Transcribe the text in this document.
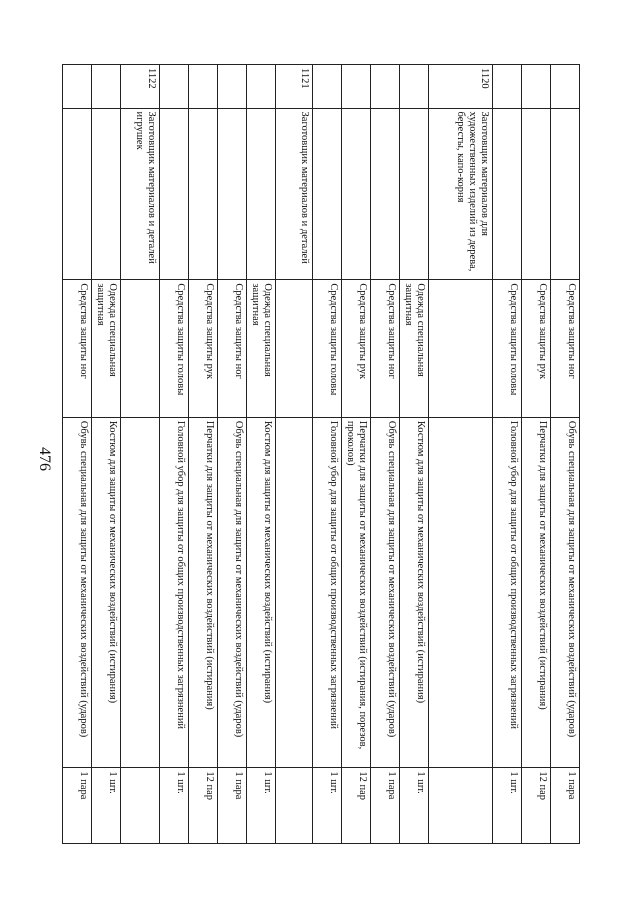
476
		Средства защиты ног	Обувь специальная для защиты от механических воздействий (ударов)	1 пара
		Средства защиты рук	Перчатки для защиты от механических воздействий (истирания)	12 пар
		Средства защиты головы	Головной убор для защиты от общих производственных загрязнений	1 шт.
1120	Заготовщик материалов для художественных изделий из дерева, бересты, капо-корня			
		Одежда специальная защитная	Костюм для защиты от механических воздействий (истирания)	1 шт.
		Средства защиты ног	Обувь специальная для защиты от механических воздействий (ударов)	1 пара
		Средства защиты рук	Перчатки для защиты от механических воздействий (истирания, порезов, проколов)	12 пар
		Средства защиты головы	Головной убор для защиты от общих производственных загрязнений	1 шт.
1121	Заготовщик материалов и деталей			
		Одежда специальная защитная	Костюм для защиты от механических воздействий (истирания)	1 шт.
		Средства защиты ног	Обувь специальная для защиты от механических воздействий (ударов)	1 пара
		Средства защиты рук	Перчатки для защиты от механических воздействий (истирания)	12 пар
		Средства защиты головы	Головной убор для защиты от общих производственных загрязнений	1 шт.
1122	Заготовщик материалов и деталей игрушек			
		Одежда специальная защитная	Костюм для защиты от механических воздействий (истирания)	1 шт.
		Средства защиты ног	Обувь специальная для защиты от механических воздействий (ударов)	1 пара
